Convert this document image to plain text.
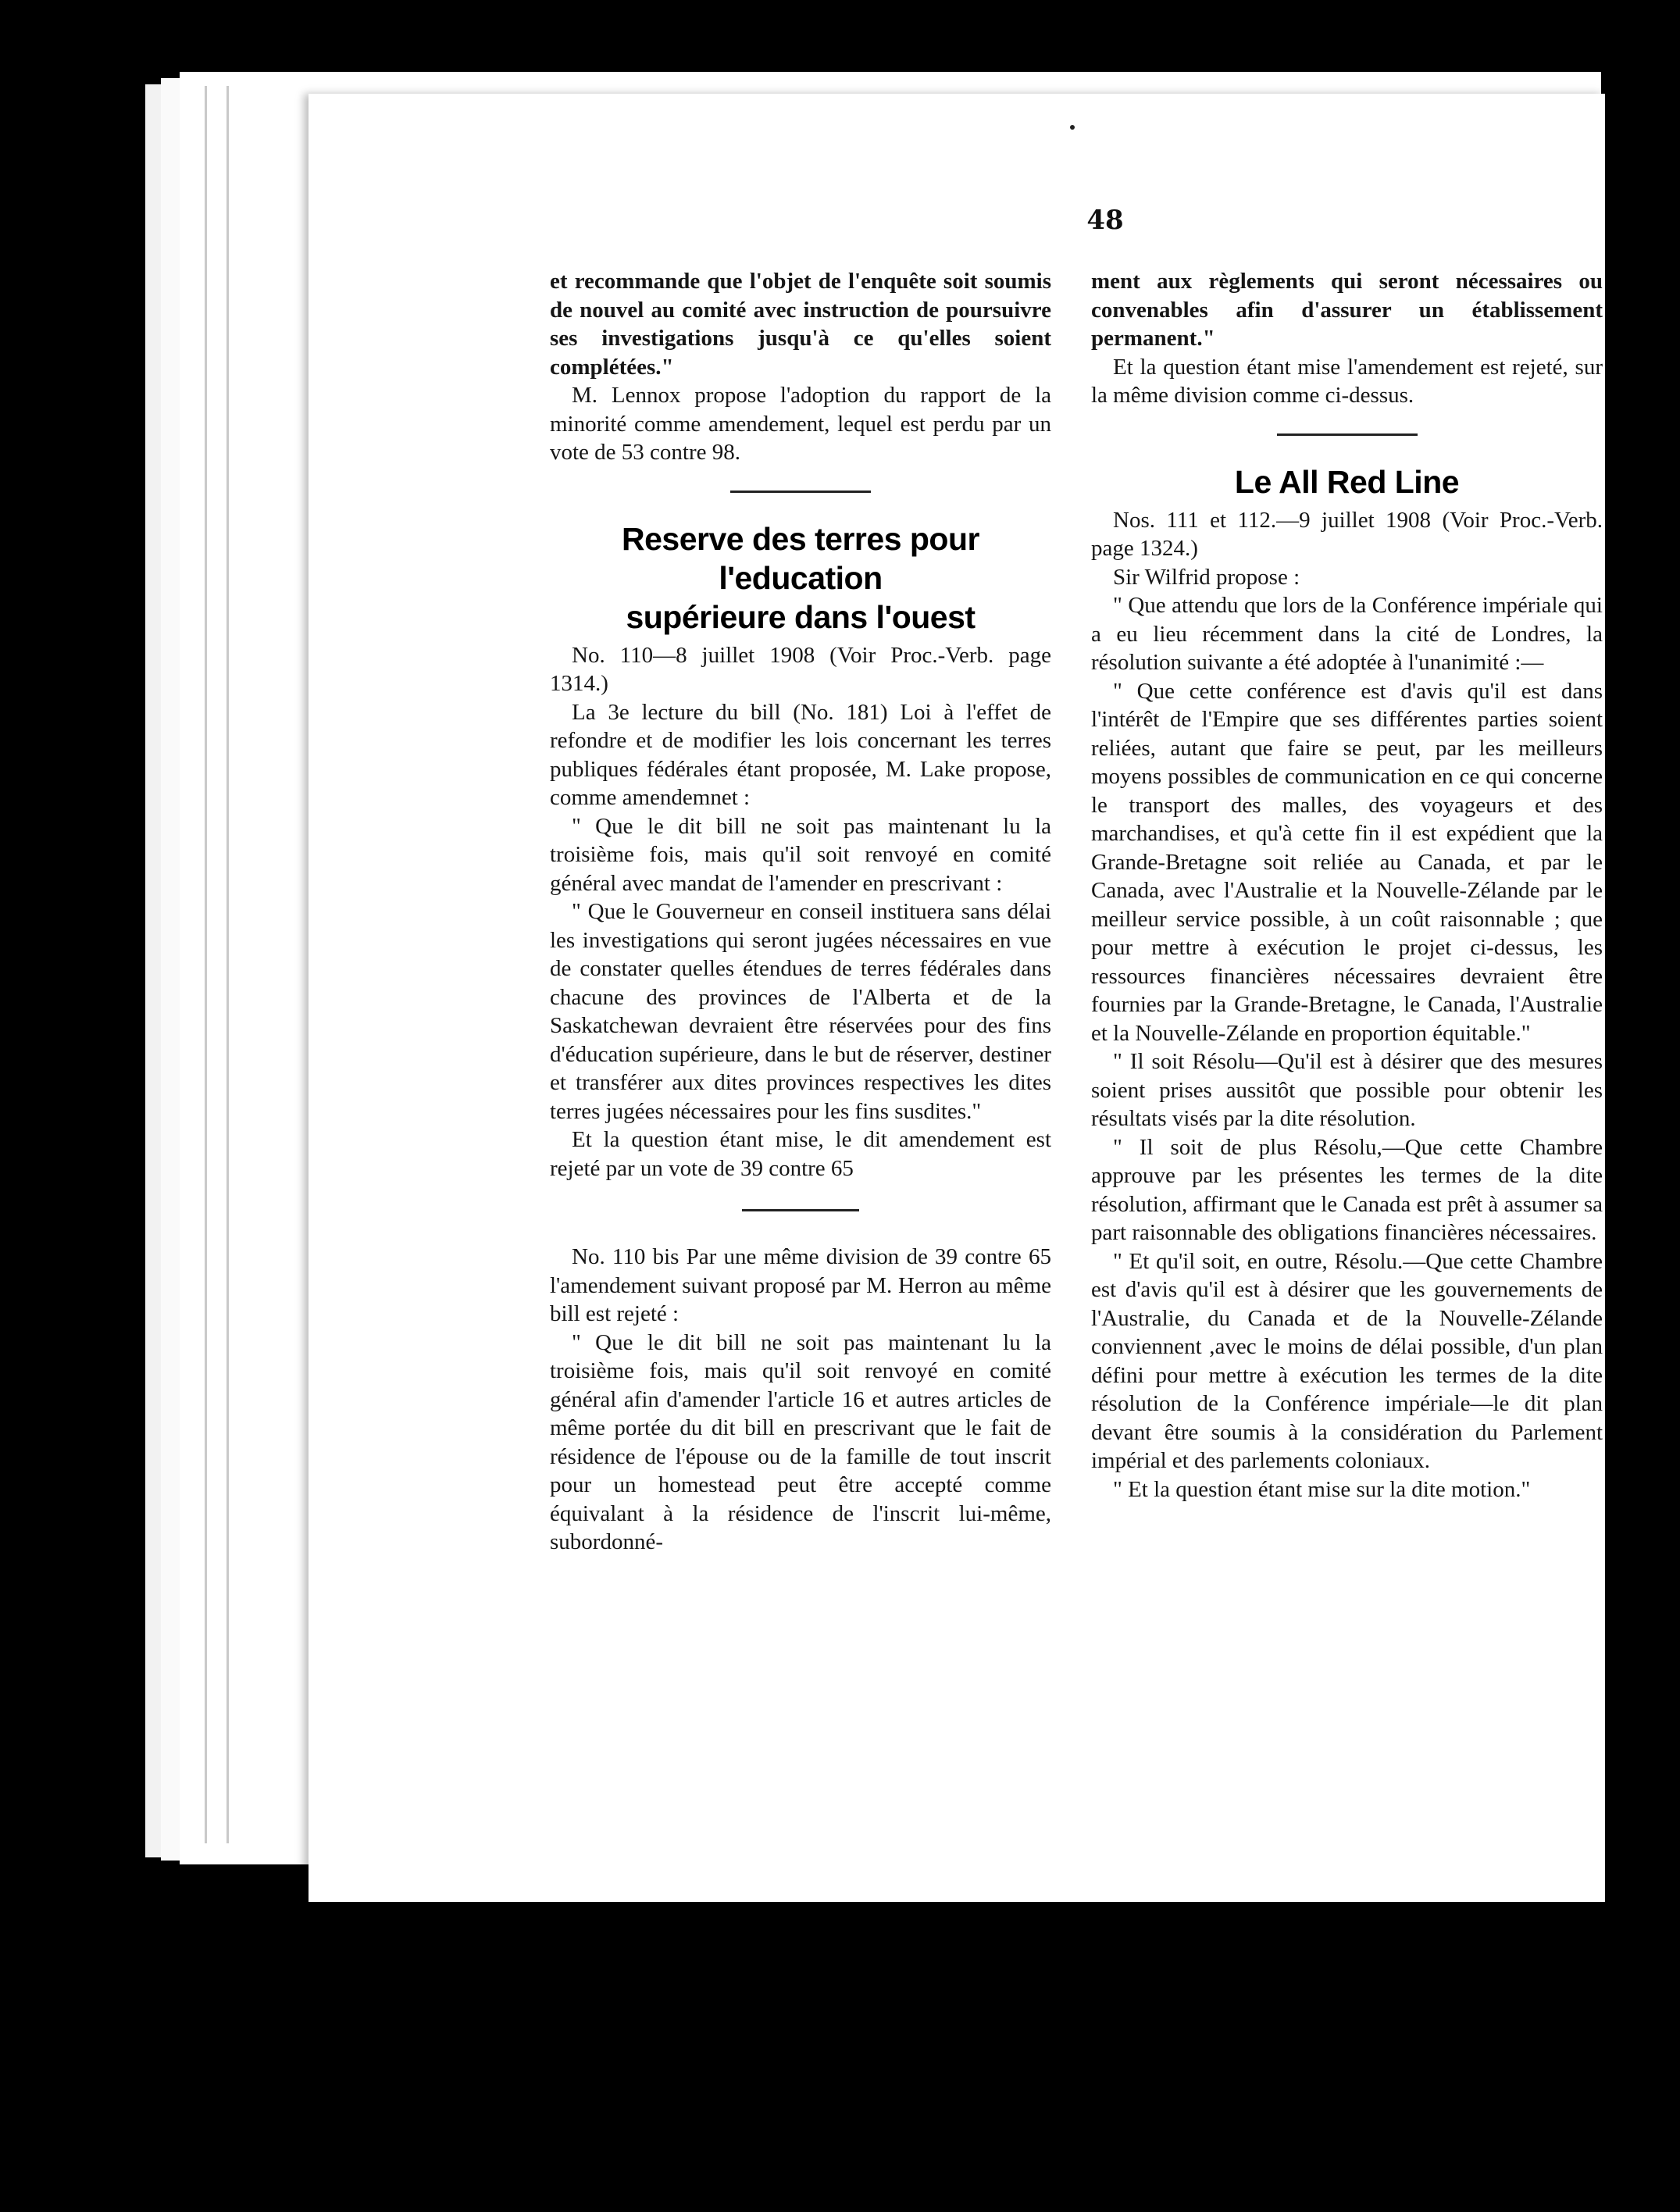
48

et recommande que l'objet de l'enquête soit soumis de nouvel au comité avec instruction de poursuivre ses investigations jusqu'à ce qu'elles soient complétées."

M. Lennox propose l'adoption du rapport de la minorité comme amendement, lequel est perdu par un vote de 53 contre 98.

Reserve des terres pour l'education
supérieure dans l'ouest

No. 110—8 juillet 1908 (Voir Proc.-Verb. page 1314.)

La 3e lecture du bill (No. 181) Loi à l'effet de refondre et de modifier les lois concernant les terres publiques fédérales étant proposée, M. Lake propose, comme amendemnet :

" Que le dit bill ne soit pas maintenant lu la troisième fois, mais qu'il soit renvoyé en comité général avec mandat de l'amender en prescrivant :

" Que le Gouverneur en conseil instituera sans délai les investigations qui seront jugées nécessaires en vue de constater quelles étendues de terres fédérales dans chacune des provinces de l'Alberta et de la Saskatchewan devraient être réservées pour des fins d'éducation supérieure, dans le but de réserver, destiner et transférer aux dites provinces respectives les dites terres jugées nécessaires pour les fins susdites."

Et la question étant mise, le dit amendement est rejeté par un vote de 39 contre 65

No. 110 bis Par une même division de 39 contre 65 l'amendement suivant proposé par M. Herron au même bill est rejeté :

" Que le dit bill ne soit pas maintenant lu la troisième fois, mais qu'il soit renvoyé en comité général afin d'amender l'article 16 et autres articles de même portée du dit bill en prescrivant que le fait de résidence de l'épouse ou de la famille de tout inscrit pour un homestead peut être accepté comme équivalant à la résidence de l'inscrit lui-même, subordonné-

ment aux règlements qui seront nécessaires ou convenables afin d'assurer un établissement permanent."

Et la question étant mise l'amendement est rejeté, sur la même division comme ci-dessus.

Le All Red Line

Nos. 111 et 112.—9 juillet 1908 (Voir Proc.-Verb. page 1324.)

Sir Wilfrid propose :

" Que attendu que lors de la Conférence impériale qui a eu lieu récemment dans la cité de Londres, la résolution suivante a été adoptée à l'unanimité :—

" Que cette conférence est d'avis qu'il est dans l'intérêt de l'Empire que ses différentes parties soient reliées, autant que faire se peut, par les meilleurs moyens possibles de communication en ce qui concerne le transport des malles, des voyageurs et des marchandises, et qu'à cette fin il est expédient que la Grande-Bretagne soit reliée au Canada, et par le Canada, avec l'Australie et la Nouvelle-Zélande par le meilleur service possible, à un coût raisonnable ; que pour mettre à exécution le projet ci-dessus, les ressources financières nécessaires devraient être fournies par la Grande-Bretagne, le Canada, l'Australie et la Nouvelle-Zélande en proportion équitable."

" Il soit Résolu—Qu'il est à désirer que des mesures soient prises aussitôt que possible pour obtenir les résultats visés par la dite résolution.

" Il soit de plus Résolu,—Que cette Chambre approuve par les présentes les termes de la dite résolution, affirmant que le Canada est prêt à assumer sa part raisonnable des obligations financières nécessaires.

" Et qu'il soit, en outre, Résolu.—Que cette Chambre est d'avis qu'il est à désirer que les gouvernements de l'Australie, du Canada et de la Nouvelle-Zélande conviennent ,avec le moins de délai possible, d'un plan défini pour mettre à exécution les termes de la dite résolution de la Conférence impériale—le dit plan devant être soumis à la considération du Parlement impérial et des parlements coloniaux.

" Et la question étant mise sur la dite motion."
